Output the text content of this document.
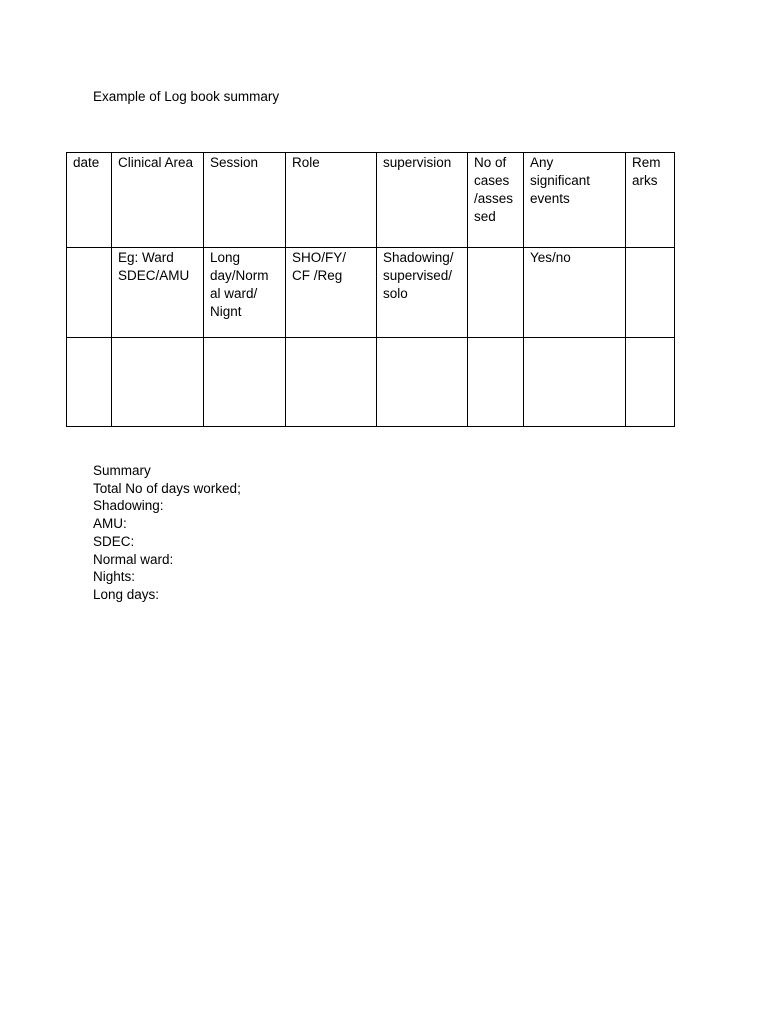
Example of Log book summary

date	Clinical Area	Session	Role	supervision	No of
cases
/asses
sed	Any
significant
events	Rem
arks

	Eg: Ward
SDEC/AMU	Long
day/Norm
al ward/
Nignt	SHO/FY/
CF /Reg	Shadowing/
supervised/
solo		Yes/no	

Summary
Total No of days worked;
Shadowing:
AMU:
SDEC:
Normal ward:
Nights:
Long days:
